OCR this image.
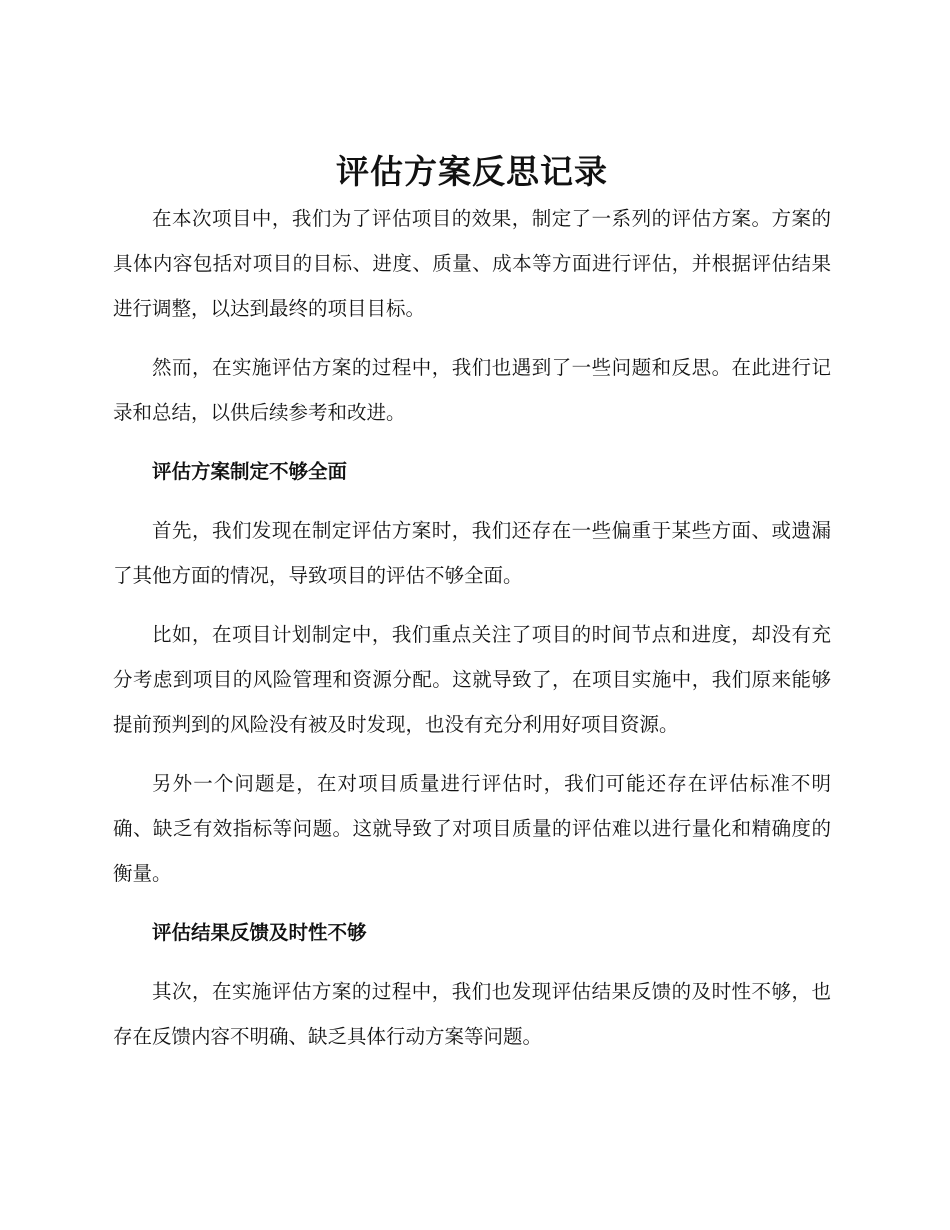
评估方案反思记录

在本次项目中，我们为了评估项目的效果，制定了一系列的评估方案。方案的具体内容包括对项目的目标、进度、质量、成本等方面进行评估，并根据评估结果进行调整，以达到最终的项目目标。

然而，在实施评估方案的过程中，我们也遇到了一些问题和反思。在此进行记录和总结，以供后续参考和改进。

评估方案制定不够全面

首先，我们发现在制定评估方案时，我们还存在一些偏重于某些方面、或遗漏了其他方面的情况，导致项目的评估不够全面。

比如，在项目计划制定中，我们重点关注了项目的时间节点和进度，却没有充分考虑到项目的风险管理和资源分配。这就导致了，在项目实施中，我们原来能够提前预判到的风险没有被及时发现，也没有充分利用好项目资源。

另外一个问题是，在对项目质量进行评估时，我们可能还存在评估标准不明确、缺乏有效指标等问题。这就导致了对项目质量的评估难以进行量化和精确度的衡量。

评估结果反馈及时性不够

其次，在实施评估方案的过程中，我们也发现评估结果反馈的及时性不够，也存在反馈内容不明确、缺乏具体行动方案等问题。
